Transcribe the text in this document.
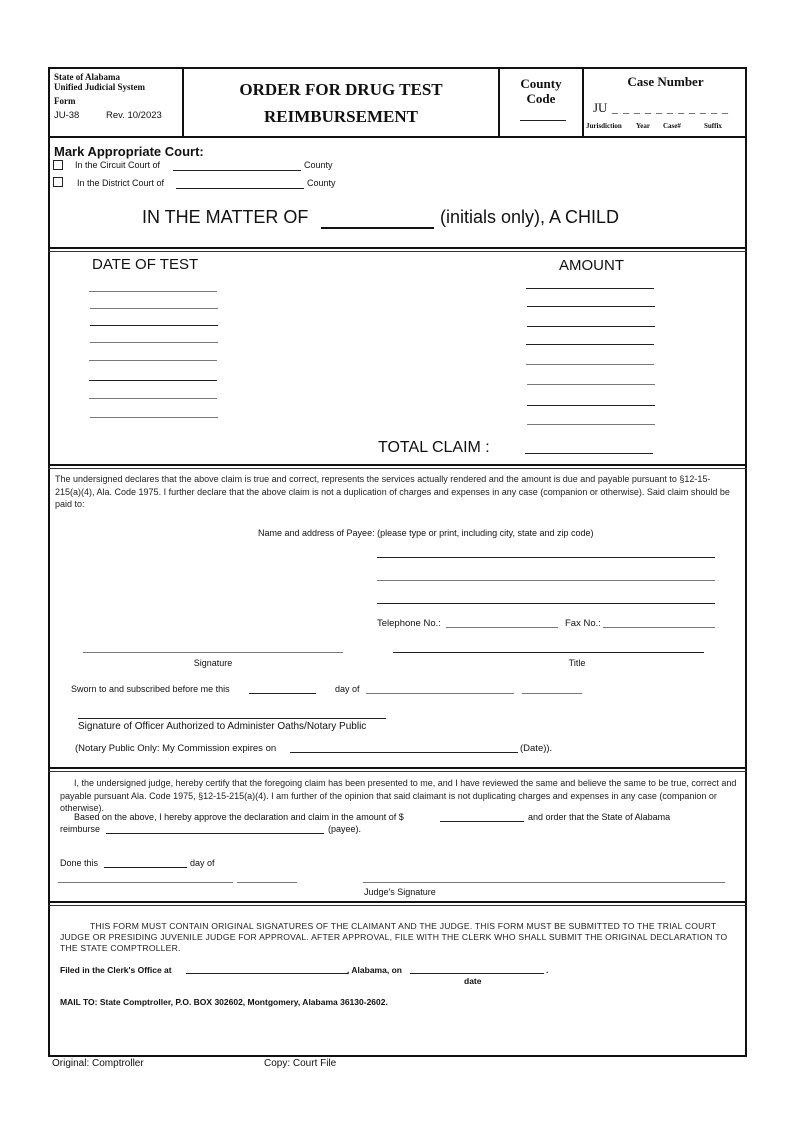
State of Alabama
Unified Judicial System
Form
JU-38	Rev. 10/2023
ORDER FOR DRUG TEST
REIMBURSEMENT
County
Code
Case Number
JU _ _ _ _ _ _ _ _ _ _ _
Jurisdiction Year Case#	Suffix
Mark Appropriate Court:
In the Circuit Court of	County
In the District Court of	County
IN THE MATTER OF	(initials only), A CHILD
DATE OF TEST	AMOUNT
TOTAL CLAIM :
The undersigned declares that the above claim is true and correct, represents the services actually rendered and the amount is due and payable pursuant to §12-15-215(a)(4), Ala. Code 1975. I further declare that the above claim is not a duplication of charges and expenses in any case (companion or otherwise). Said claim should be paid to:
Name and address of Payee: (please type or print, including city, state and zip code)
Telephone No.:	Fax No.:
Signature	Title
Sworn to and subscribed before me this	day of
Signature of Officer Authorized to Administer Oaths/Notary Public
(Notary Public Only: My Commission expires on	(Date)).
I, the undersigned judge, hereby certify that the foregoing claim has been presented to me, and I have reviewed the same and believe the same to be true, correct and payable pursuant Ala. Code 1975, §12-15-215(a)(4). I am further of the opinion that said claimant is not duplicating charges and expenses in any case (companion or otherwise).
Based on the above, I hereby approve the declaration and claim in the amount of $	and order that the State of Alabama
reimburse	(payee).
Done this	day of
Judge's Signature
THIS FORM MUST CONTAIN ORIGINAL SIGNATURES OF THE CLAIMANT AND THE JUDGE. THIS FORM MUST BE SUBMITTED TO THE TRIAL COURT JUDGE OR PRESIDING JUVENILE JUDGE FOR APPROVAL. AFTER APPROVAL, FILE WITH THE CLERK WHO SHALL SUBMIT THE ORIGINAL DECLARATION TO THE STATE COMPTROLLER.
Filed in the Clerk's Office at	, Alabama, on	.
date
MAIL TO: State Comptroller, P.O. BOX 302602, Montgomery, Alabama 36130-2602.
Original: Comptroller	Copy: Court File
